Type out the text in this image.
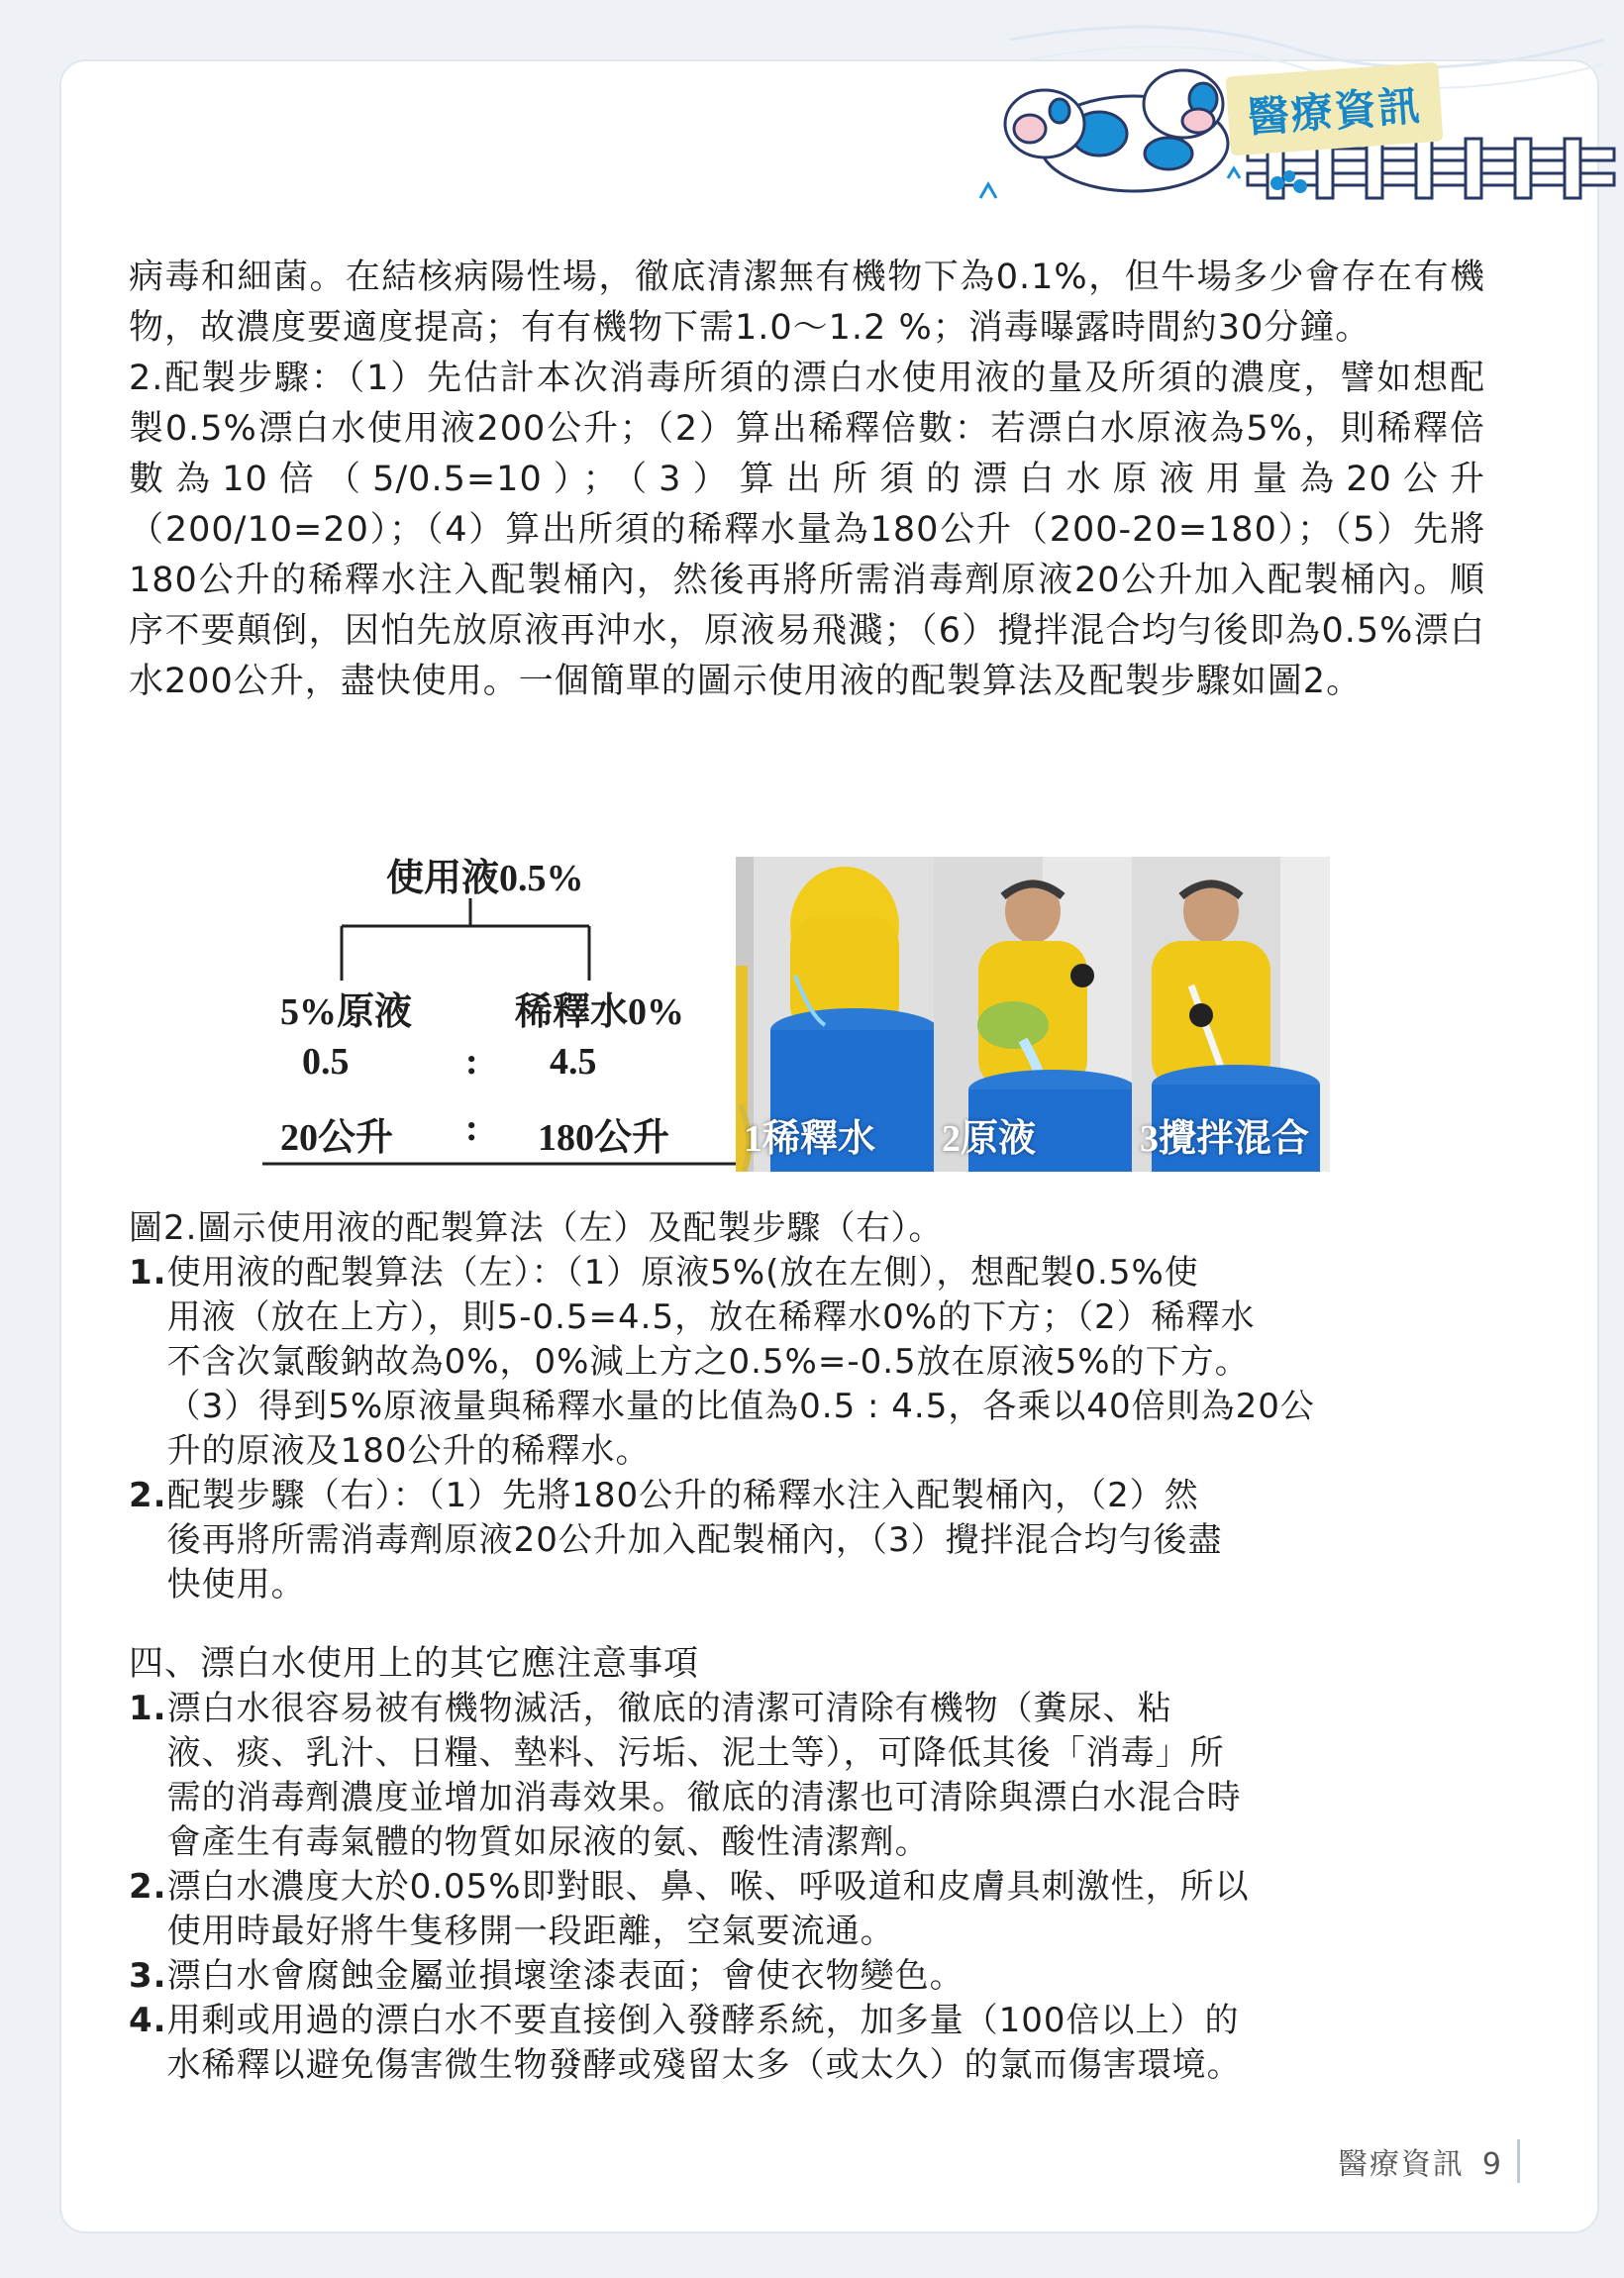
醫療資訊

病毒和細菌。在結核病陽性場，徹底清潔無有機物下為0.1%，但牛場多少會存在有機物，故濃度要適度提高；有有機物下需1.0～1.2 %；消毒曝露時間約30分鐘。

2.配製步驟：（1）先估計本次消毒所須的漂白水使用液的量及所須的濃度，譬如想配製0.5%漂白水使用液200公升；（2）算出稀釋倍數：若漂白水原液為5%，則稀釋倍數為10倍（5/0.5=10）；（3）算出所須的漂白水原液用量為20公升（200/10=20）；（4）算出所須的稀釋水量為180公升（200-20=180）；（5）先將180公升的稀釋水注入配製桶內，然後再將所需消毒劑原液20公升加入配製桶內。順序不要顛倒，因怕先放原液再沖水，原液易飛濺；（6）攪拌混合均勻後即為0.5%漂白水200公升，盡快使用。一個簡單的圖示使用液的配製算法及配製步驟如圖2。

使用液0.5%
5%原液	稀釋水0%
0.5	: 4.5
20公升 : 180公升 1稀釋水 2原液	3攪拌混合
圖2.圖示使用液的配製算法（左）及配製步驟（右）。
1. 使用液的配製算法（左）：（1）原液5%(放在左側），想配製0.5%使
用液（放在上方），則5-0.5=4.5，放在稀釋水0%的下方；（2）稀釋水
不含次氯酸鈉故為0%，0%減上方之0.5%=-0.5放在原液5%的下方。
（3）得到5%原液量與稀釋水量的比值為0.5 : 4.5，各乘以40倍則為20公
升的原液及180公升的稀釋水。
2. 配製步驟（右）：（1）先將180公升的稀釋水注入配製桶內，（2）然
後再將所需消毒劑原液20公升加入配製桶內，（3）攪拌混合均勻後盡
快使用。
四、漂白水使用上的其它應注意事項
1. 漂白水很容易被有機物滅活，徹底的清潔可清除有機物（糞尿、粘
液、痰、乳汁、日糧、墊料、污垢、泥土等），可降低其後「消毒」所
需的消毒劑濃度並增加消毒效果。徹底的清潔也可清除與漂白水混合時
會產生有毒氣體的物質如尿液的氨、酸性清潔劑。
2. 漂白水濃度大於0.05%即對眼、鼻、喉、呼吸道和皮膚具刺激性，所以
使用時最好將牛隻移開一段距離，空氣要流通。
3. 漂白水會腐蝕金屬並損壞塗漆表面；會使衣物變色。
4. 用剩或用過的漂白水不要直接倒入發酵系統，加多量（100倍以上）的
水稀釋以避免傷害微生物發酵或殘留太多（或太久）的氯而傷害環境。
醫療資訊 9
